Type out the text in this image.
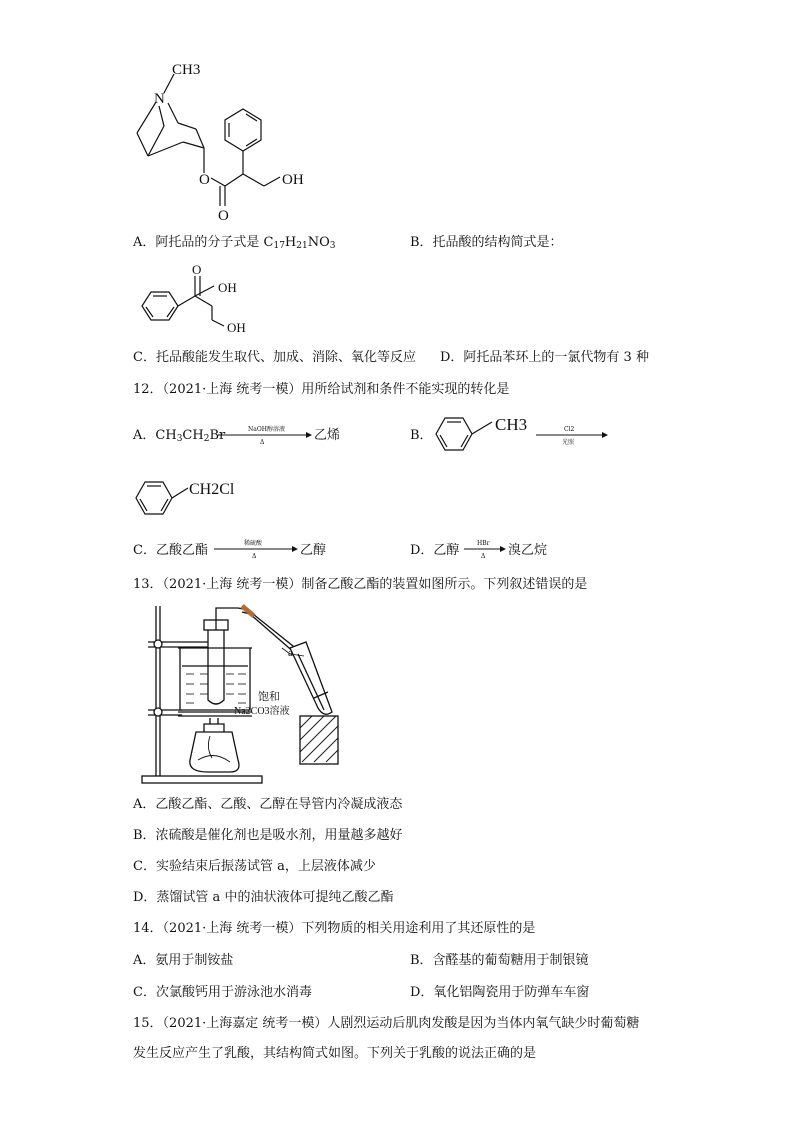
N
CH3
O	OH
O
A．阿托品的分子式是 $C_{17}H_{21}NO_3$	B．托品酸的结构简式是：
O
OH
OH
C．托品酸能发生取代、加成、消除、氧化等反应 D．阿托品苯环上的一氯代物有 3 种
12．（2021·上海 统考一模）用所给试剂和条件不能实现的转化是
A．$CH_3CH_2Br$	NaOH醇溶液
Δ	乙烯	B．
CH3	Cl2
光照
CH2Cl
C．乙酸乙酯	稀硫酸
Δ	乙醇	D．乙醇	HBr
Δ 溴乙烷
13．（2021·上海 统考一模）制备乙酸乙酯的装置如图所示。下列叙述错误的是
a
饱和
Na2CO3溶液
A．乙酸乙酯、乙酸、乙醇在导管内冷凝成液态
B．浓硫酸是催化剂也是吸水剂，用量越多越好
C．实验结束后振荡试管 a，上层液体减少
D．蒸馏试管 a 中的油状液体可提纯乙酸乙酯
14．（2021·上海 统考一模）下列物质的相关用途利用了其还原性的是
A．氨用于制铵盐	B．含醛基的葡萄糖用于制银镜
C．次氯酸钙用于游泳池水消毒	D．氧化铝陶瓷用于防弹车车窗
15．（2021·上海嘉定 统考一模）人剧烈运动后肌肉发酸是因为当体内氧气缺少时葡萄糖
发生反应产生了乳酸，其结构简式如图。下列关于乳酸的说法正确的是
